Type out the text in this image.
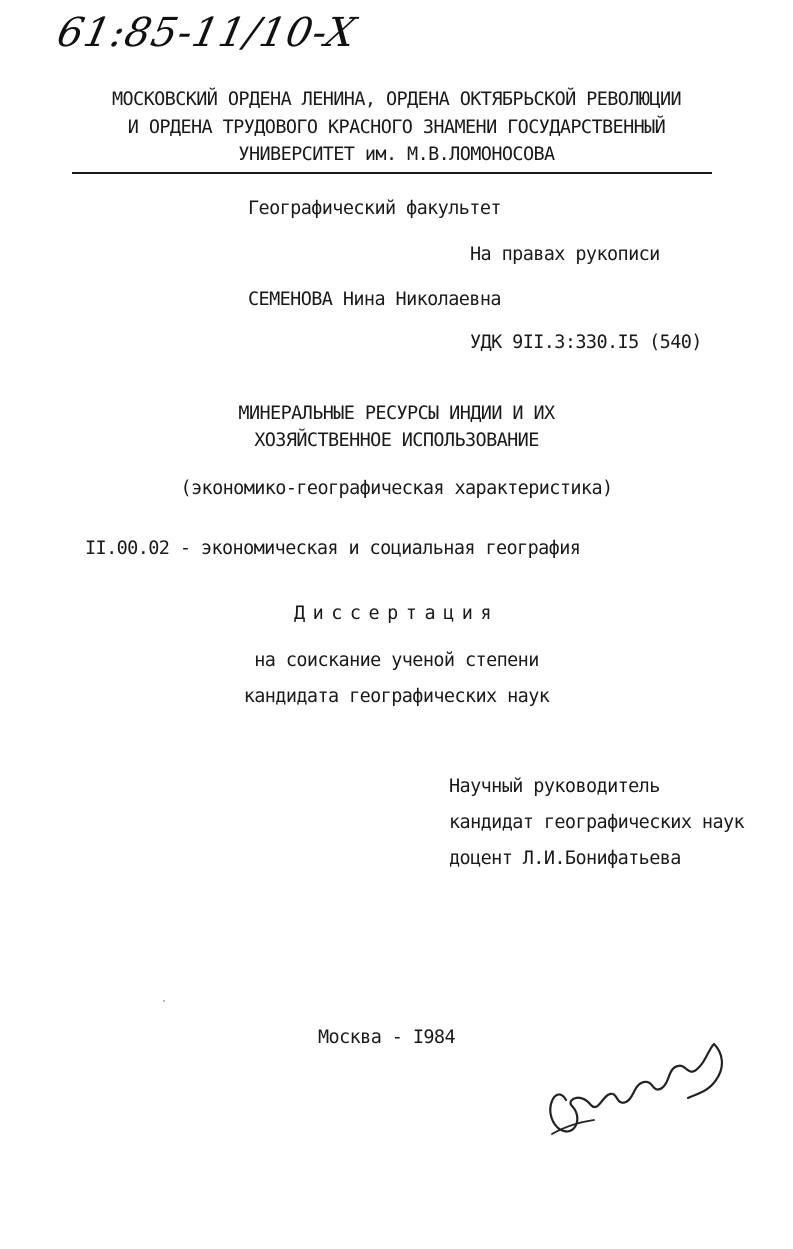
61:85-11/10-X
МОСКОВСКИЙ ОРДЕНА ЛЕНИНА, ОРДЕНА ОКТЯБРЬСКОЙ РЕВОЛЮЦИИ
И ОРДЕНА ТРУДОВОГО КРАСНОГО ЗНАМЕНИ ГОСУДАРСТВЕННЫЙ
УНИВЕРСИТЕТ им. М.В.ЛОМОНОСОВА
Географический факультет
На правах рукописи
СЕМЕНОВА Нина Николаевна
УДК 9II.3:330.I5 (540)
МИНЕРАЛЬНЫЕ РЕСУРСЫ ИНДИИ И ИХ
ХОЗЯЙСТВЕННОЕ ИСПОЛЬЗОВАНИЕ
(экономико-географическая характеристика)
II.00.02 - экономическая и социальная география
Диссертация
на соискание ученой степени
кандидата географических наук
Научный руководитель
кандидат географических наук
доцент Л.И.Бонифатьева
Москва - I984
